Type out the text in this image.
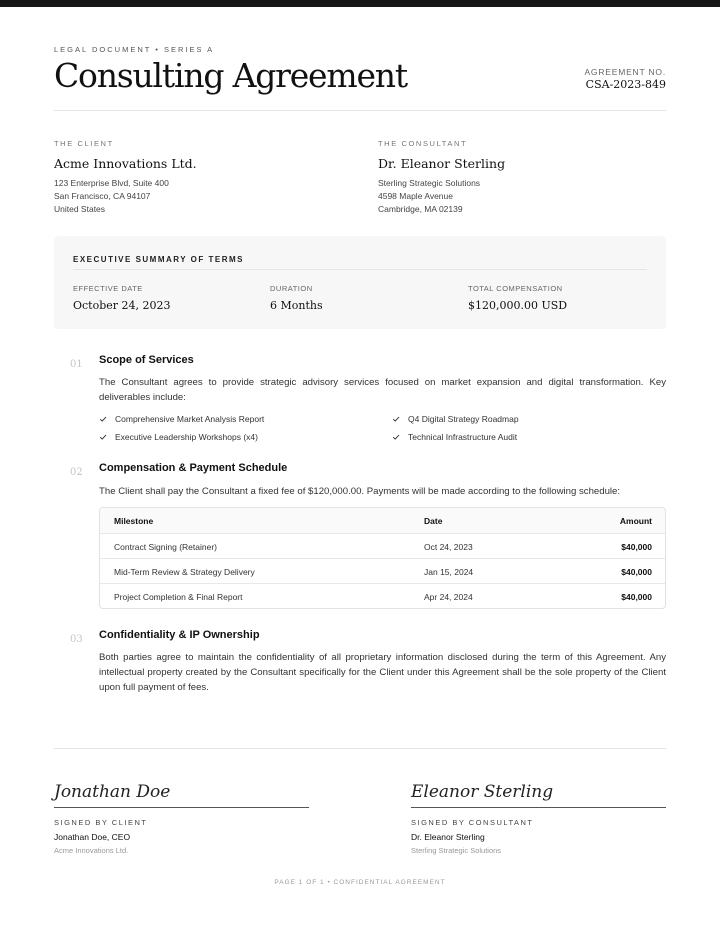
LEGAL DOCUMENT • SERIES A
Consulting Agreement	AGREEMENT NO.
CSA-2023-849
THE CLIENT
Acme Innovations Ltd.
123 Enterprise Blvd, Suite 400
San Francisco, CA 94107
United States
THE CONSULTANT
Dr. Eleanor Sterling
Sterling Strategic Solutions
4598 Maple Avenue
Cambridge, MA 02139
EXECUTIVE SUMMARY OF TERMS
EFFECTIVE DATE
October 24, 2023
DURATION
6 Months
TOTAL COMPENSATION
$120,000.00 USD
01 Scope of Services
The Consultant agrees to provide strategic advisory services focused on market expansion and digital transformation. Key deliverables include:
Comprehensive Market Analysis Report	Q4 Digital Strategy Roadmap
Executive Leadership Workshops (x4)	Technical Infrastructure Audit
02 Compensation & Payment Schedule
The Client shall pay the Consultant a fixed fee of $120,000.00. Payments will be made according to the following schedule:
Milestone	Date	Amount
Contract Signing (Retainer)	Oct 24, 2023	$40,000
Mid-Term Review & Strategy Delivery	Jan 15, 2024	$40,000
Project Completion & Final Report	Apr 24, 2024	$40,000
03 Confidentiality & IP Ownership
Both parties agree to maintain the confidentiality of all proprietary information disclosed during the term of this Agreement. Any intellectual property created by the Consultant specifically for the Client under this Agreement shall be the sole property of the Client upon full payment of fees.
Jonathan Doe
SIGNED BY CLIENT
Jonathan Doe, CEO
Acme Innovations Ltd.
Eleanor Sterling
SIGNED BY CONSULTANT
Dr. Eleanor Sterling
Sterling Strategic Solutions
PAGE 1 OF 1 • CONFIDENTIAL AGREEMENT
